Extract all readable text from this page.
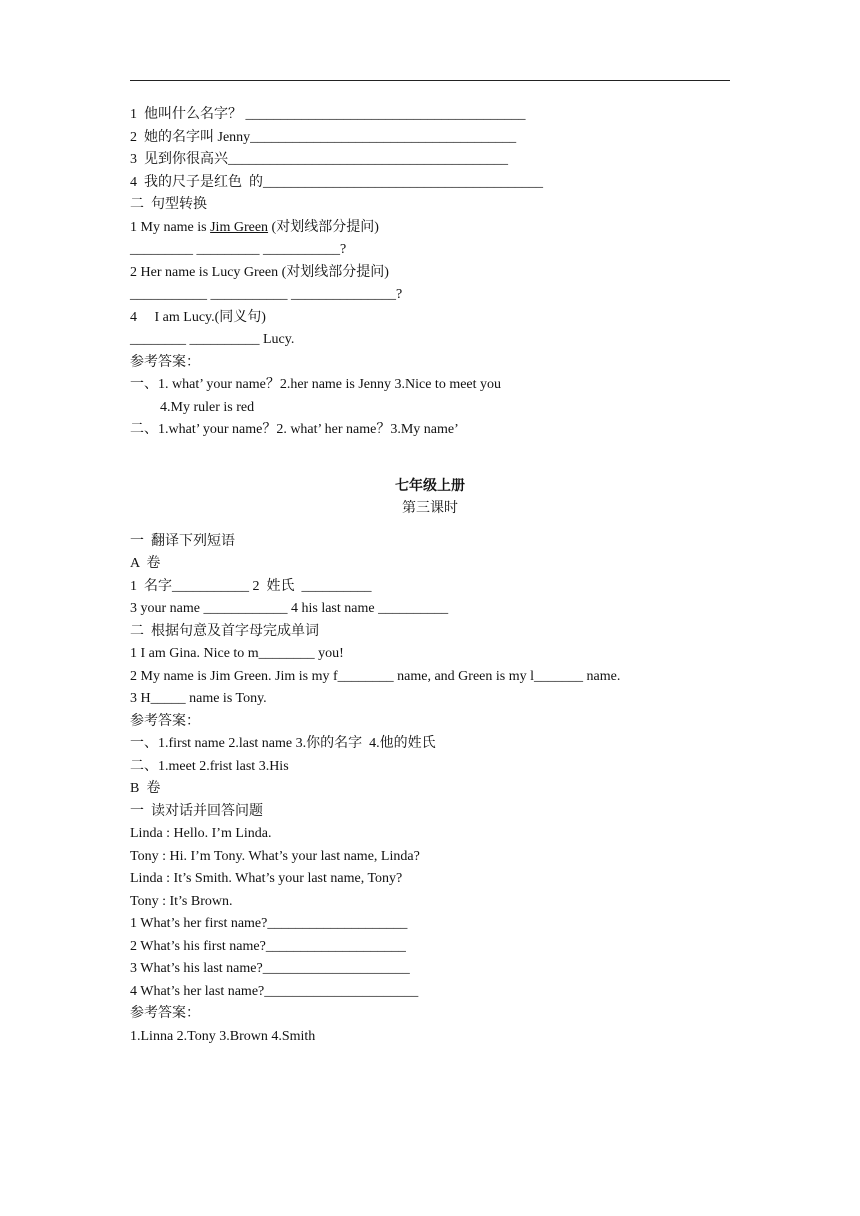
1  他叫什么名字？ ________________________________________
2  她的名字叫 Jenny______________________________________
3  见到你很高兴________________________________________
4  我的尺子是红色  的________________________________________
二  句型转换
1 My name is Jim Green (对划线部分提问)
_________ _________ ___________?
2 Her name is Lucy Green (对划线部分提问)
___________ ___________ _______________?
4     I am Lucy.(同义句)
________ __________ Lucy.
参考答案：
一、1. what’ your name？2.her name is Jenny 3.Nice to meet you
4.My ruler is red
二、1.what’ your name？2. what’ her name？3.My name’
七年级上册
第三课时
一  翻译下列短语
A  卷
1  名字___________ 2  姓氏  __________
3 your name ____________ 4 his last name __________
二  根据句意及首字母完成单词
1 I am Gina. Nice to m________ you!
2 My name is Jim Green. Jim is my f________ name, and Green is my l_______ name.
3 H_____ name is Tony.
参考答案：
一、1.first name 2.last name 3.你的名字  4.他的姓氏
二、1.meet 2.frist last 3.His
B  卷
一  读对话并回答问题
Linda : Hello. I’m Linda.
Tony : Hi. I’m Tony. What’s your last name, Linda?
Linda : It’s Smith. What’s your last name, Tony?
Tony : It’s Brown.
1 What’s her first name?____________________
2 What’s his first name?____________________
3 What’s his last name?_____________________
4 What’s her last name?______________________
参考答案：
1.Linna 2.Tony 3.Brown 4.Smith
